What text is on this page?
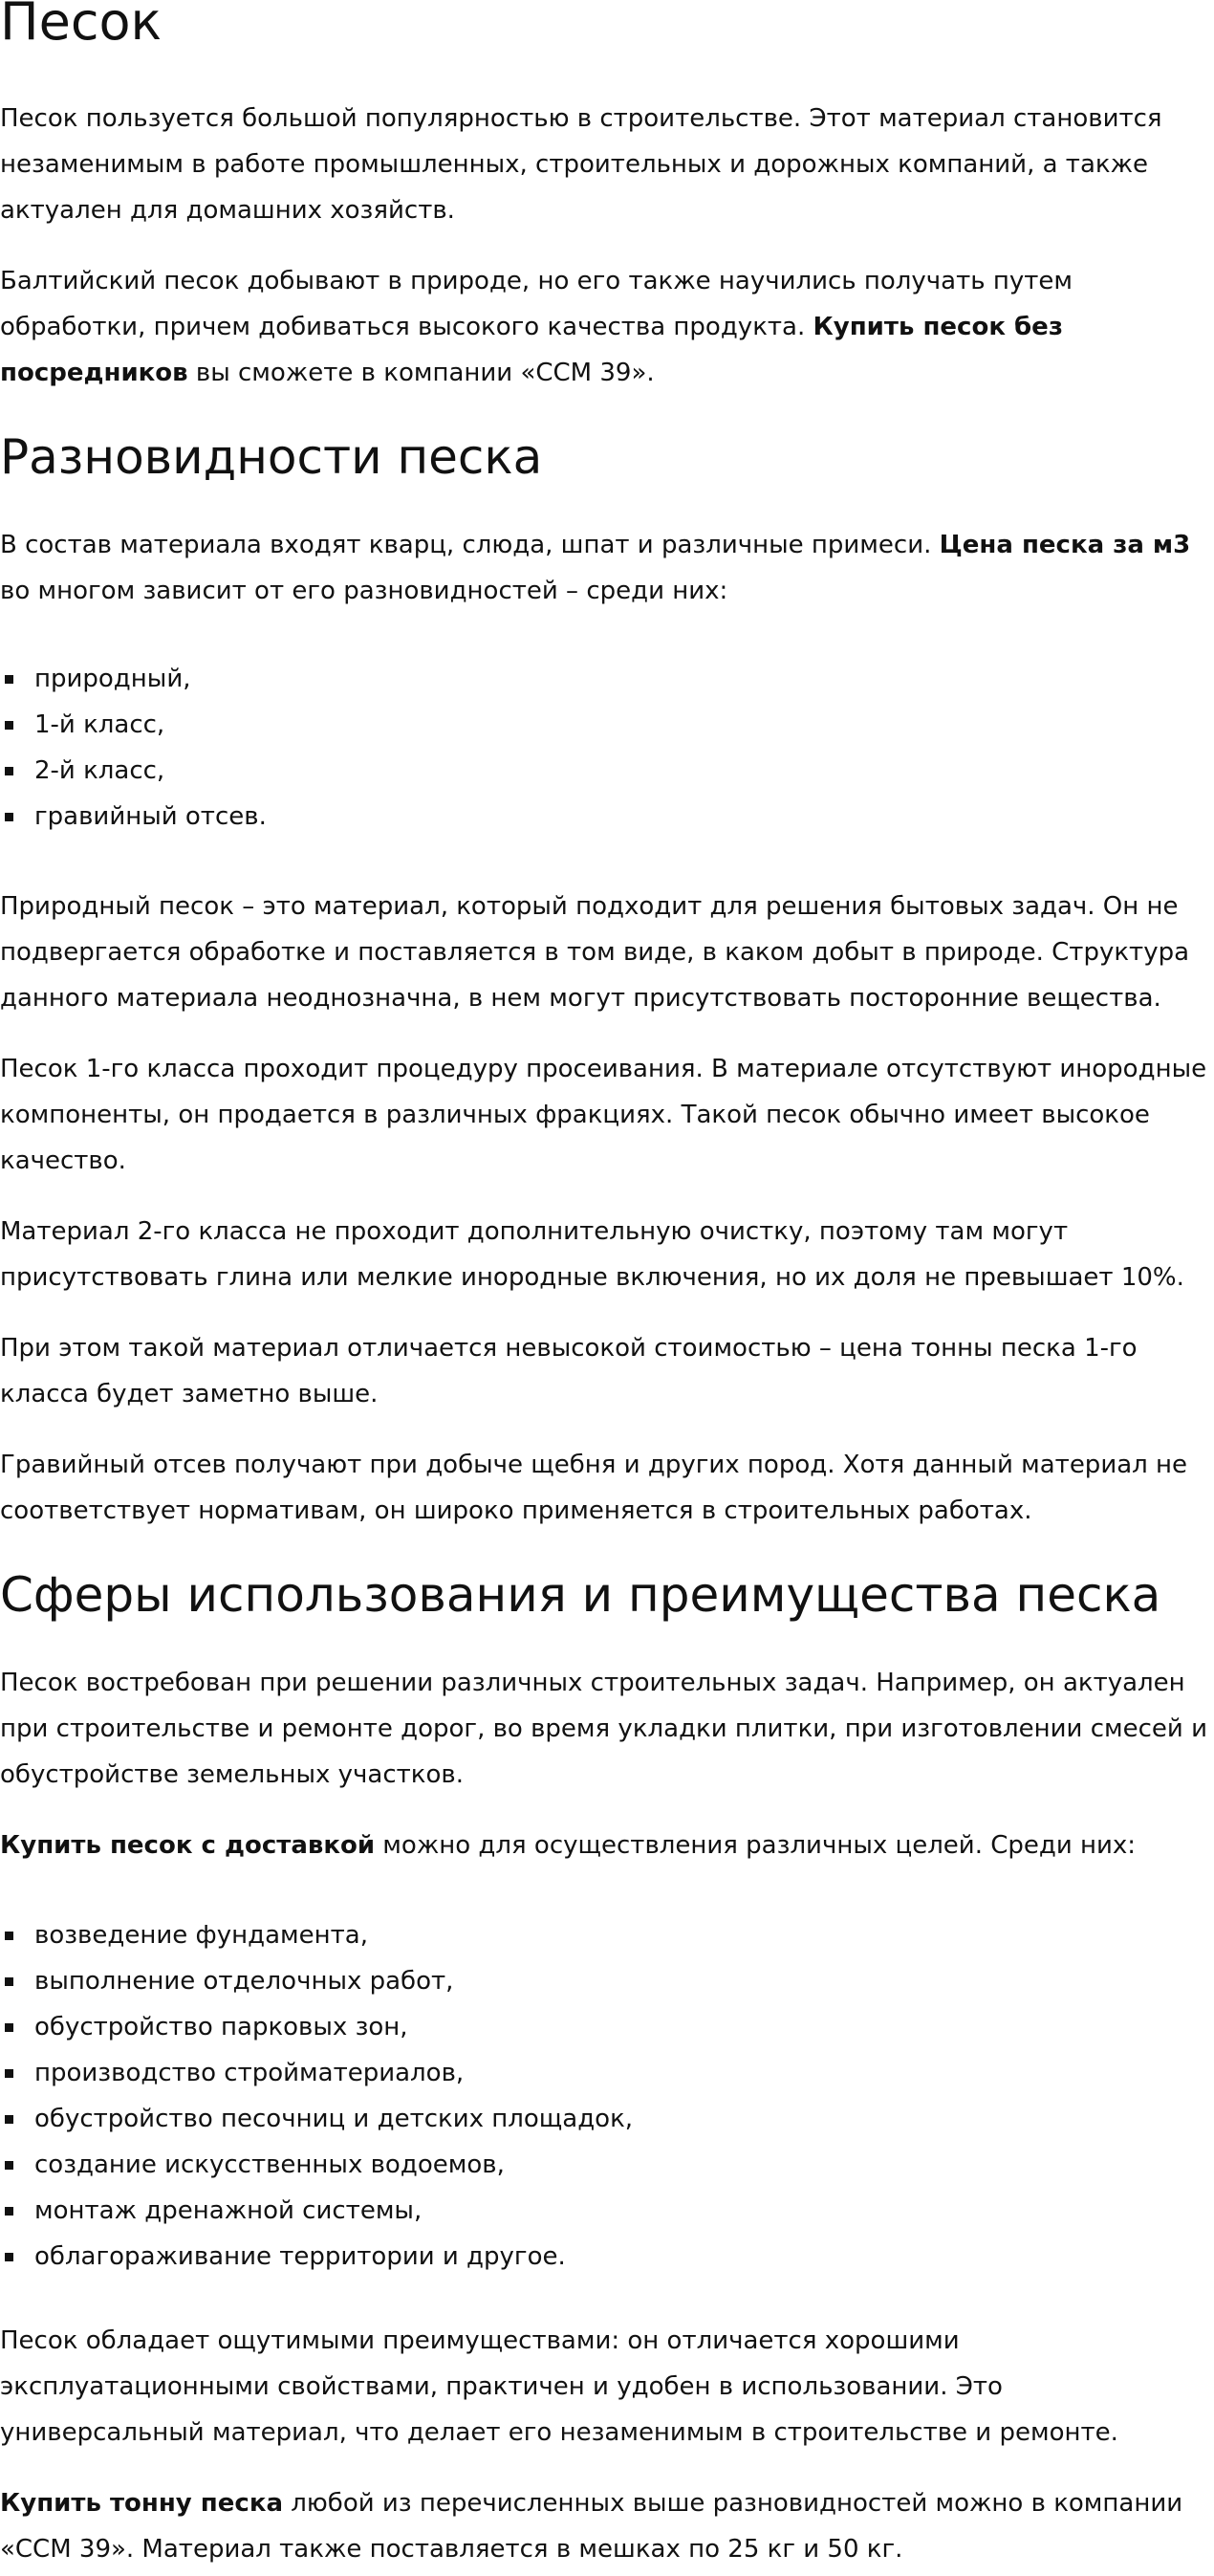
Песок

Песок пользуется большой популярностью в строительстве. Этот материал становится незаменимым в работе промышленных, строительных и дорожных компаний, а также актуален для домашних хозяйств.

Балтийский песок добывают в природе, но его также научились получать путем обработки, причем добиваться высокого качества продукта. Купить песок без посредников вы сможете в компании «ССМ 39».

Разновидности песка

В состав материала входят кварц, слюда, шпат и различные примеси. Цена песка за м3 во многом зависит от его разновидностей – среди них:

природный,
1-й класс,
2-й класс,
гравийный отсев.

Природный песок – это материал, который подходит для решения бытовых задач. Он не подвергается обработке и поставляется в том виде, в каком добыт в природе. Структура данного материала неоднозначна, в нем могут присутствовать посторонние вещества.

Песок 1-го класса проходит процедуру просеивания. В материале отсутствуют инородные компоненты, он продается в различных фракциях. Такой песок обычно имеет высокое качество.

Материал 2-го класса не проходит дополнительную очистку, поэтому там могут присутствовать глина или мелкие инородные включения, но их доля не превышает 10%.

При этом такой материал отличается невысокой стоимостью – цена тонны песка 1-го класса будет заметно выше.

Гравийный отсев получают при добыче щебня и других пород. Хотя данный материал не соответствует нормативам, он широко применяется в строительных работах.

Сферы использования и преимущества песка

Песок востребован при решении различных строительных задач. Например, он актуален при строительстве и ремонте дорог, во время укладки плитки, при изготовлении смесей и обустройстве земельных участков.

Купить песок с доставкой можно для осуществления различных целей. Среди них:

возведение фундамента,
выполнение отделочных работ,
обустройство парковых зон,
производство стройматериалов,
обустройство песочниц и детских площадок,
создание искусственных водоемов,
монтаж дренажной системы,
облагораживание территории и другое.

Песок обладает ощутимыми преимуществами: он отличается хорошими эксплуатационными свойствами, практичен и удобен в использовании. Это универсальный материал, что делает его незаменимым в строительстве и ремонте.

Купить тонну песка любой из перечисленных выше разновидностей можно в компании «ССМ 39». Материал также поставляется в мешках по 25 кг и 50 кг.
